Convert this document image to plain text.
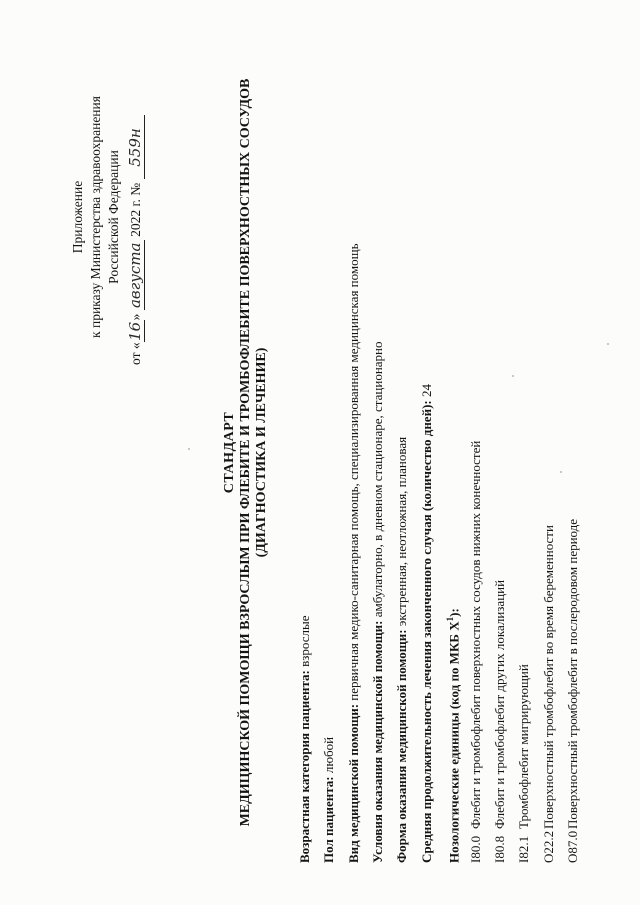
Приложение к приказу Министерства здравоохранения Российской Федерации
от «16» августа 2022 г. № 559н
СТАНДАРТ МЕДИЦИНСКОЙ ПОМОЩИ ВЗРОСЛЫМ ПРИ ФЛЕБИТЕ И ТРОМБОФЛЕБИТЕ ПОВЕРХНОСТНЫХ СОСУДОВ (ДИАГНОСТИКА И ЛЕЧЕНИЕ)
Возрастная категория пациента: взрослые
Пол пациента: любой Вид медицинской помощи: первичная медико-санитарная помощь, специализированная медицинская помощь
Условия оказания медицинской помощи: амбулаторно, в дневном стационаре, стационарно
Форма оказания медицинской помощи: экстренная, неотложная, плановая Средняя продолжительность лечения законченного случая (количество дней): 24
Нозологические единицы (код по МКБ $X^1$):
I80.0Флебит и тромбофлебит поверхностных сосудов нижних конечностей
I80.8Флебит и тромбофлебит других локализаций
I82.1Тромбофлебит мигрирующий
O22.2Поверхностный тромбофлебит во время беременности
O87.0Поверхностный тромбофлебит в послеродовом периоде
